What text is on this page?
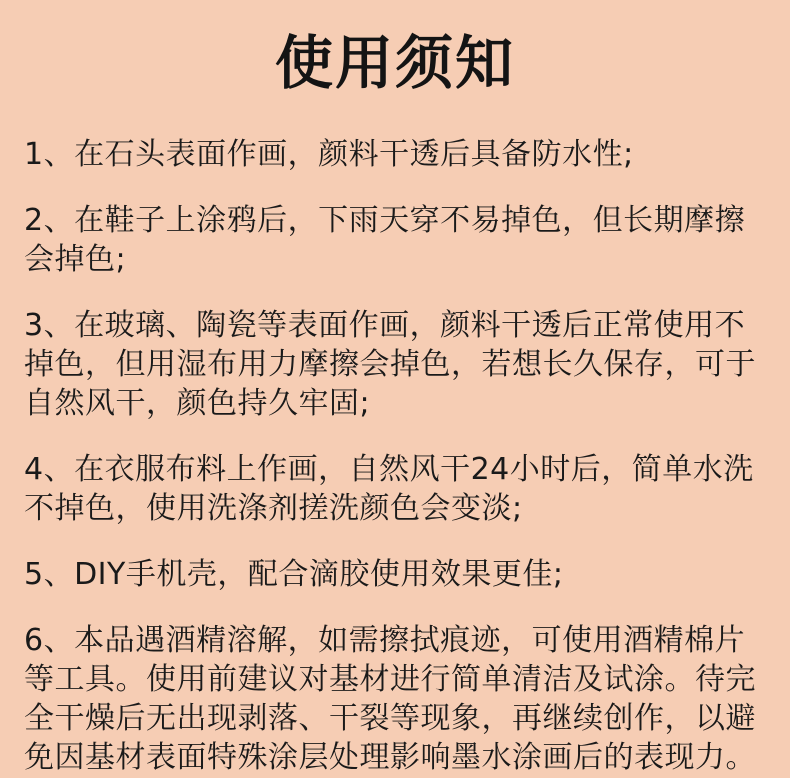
使用须知
1、在石头表面作画，颜料干透后具备防水性;
2、在鞋子上涂鸦后，下雨天穿不易掉色，但长期摩擦会掉色;
3、在玻璃、陶瓷等表面作画，颜料干透后正常使用不掉色，但用湿布用力摩擦会掉色，若想长久保存，可于自然风干，颜色持久牢固;
4、在衣服布料上作画，自然风干24小时后，简单水洗不掉色，使用洗涤剂搓洗颜色会变淡;
5、DIY手机壳，配合滴胶使用效果更佳;
6、本品遇酒精溶解，如需擦拭痕迹，可使用酒精棉片等工具。使用前建议对基材进行简单清洁及试涂。待完全干燥后无出现剥落、干裂等现象，再继续创作，以避免因基材表面特殊涂层处理影响墨水涂画后的表现力。
